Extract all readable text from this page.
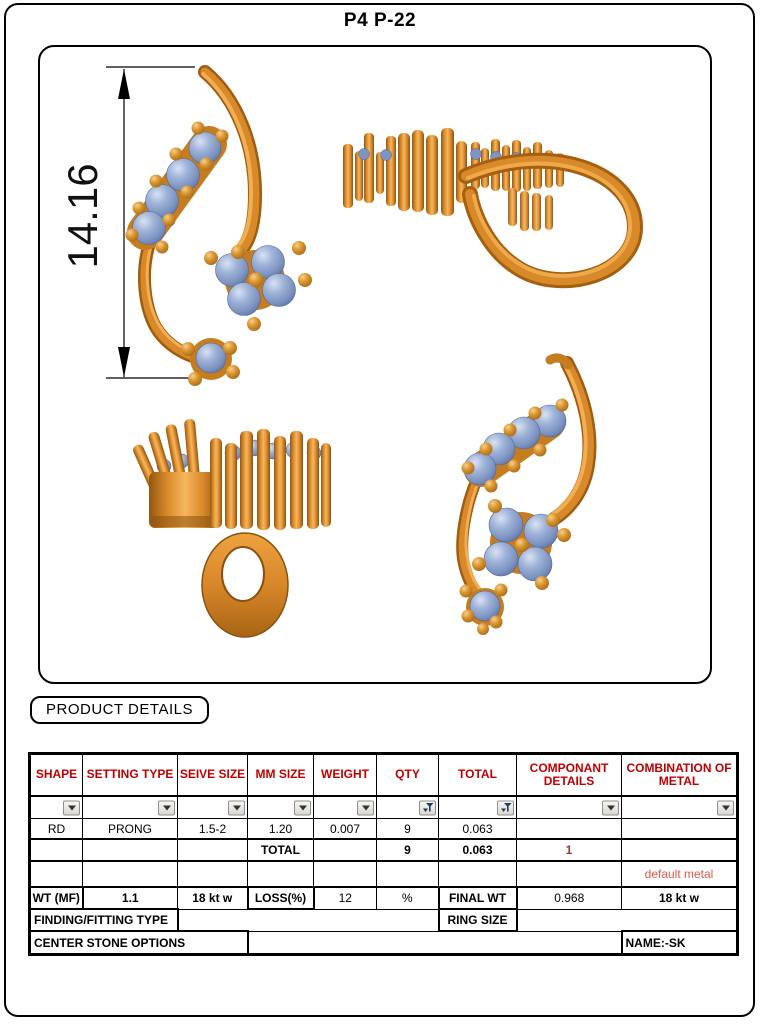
P4 P-22
14.16
PRODUCT DETAILS
SHAPE	SETTING TYPE	SEIVE SIZE	MM SIZE	WEIGHT	QTY	TOTAL	COMPONANT DETAILS	COMBINATION OF METAL

RD	PRONG	1.5-2	1.20	0.007	9	0.063		
			TOTAL		9	0.063	1	
								default metal
WT (MF)	1.1	18 kt w	LOSS(%)	12	%	FINAL WT	0.968	18 kt w
FINDING/FITTING TYPE						RING SIZE		
CENTER STONE OPTIONS								NAME:-SK
